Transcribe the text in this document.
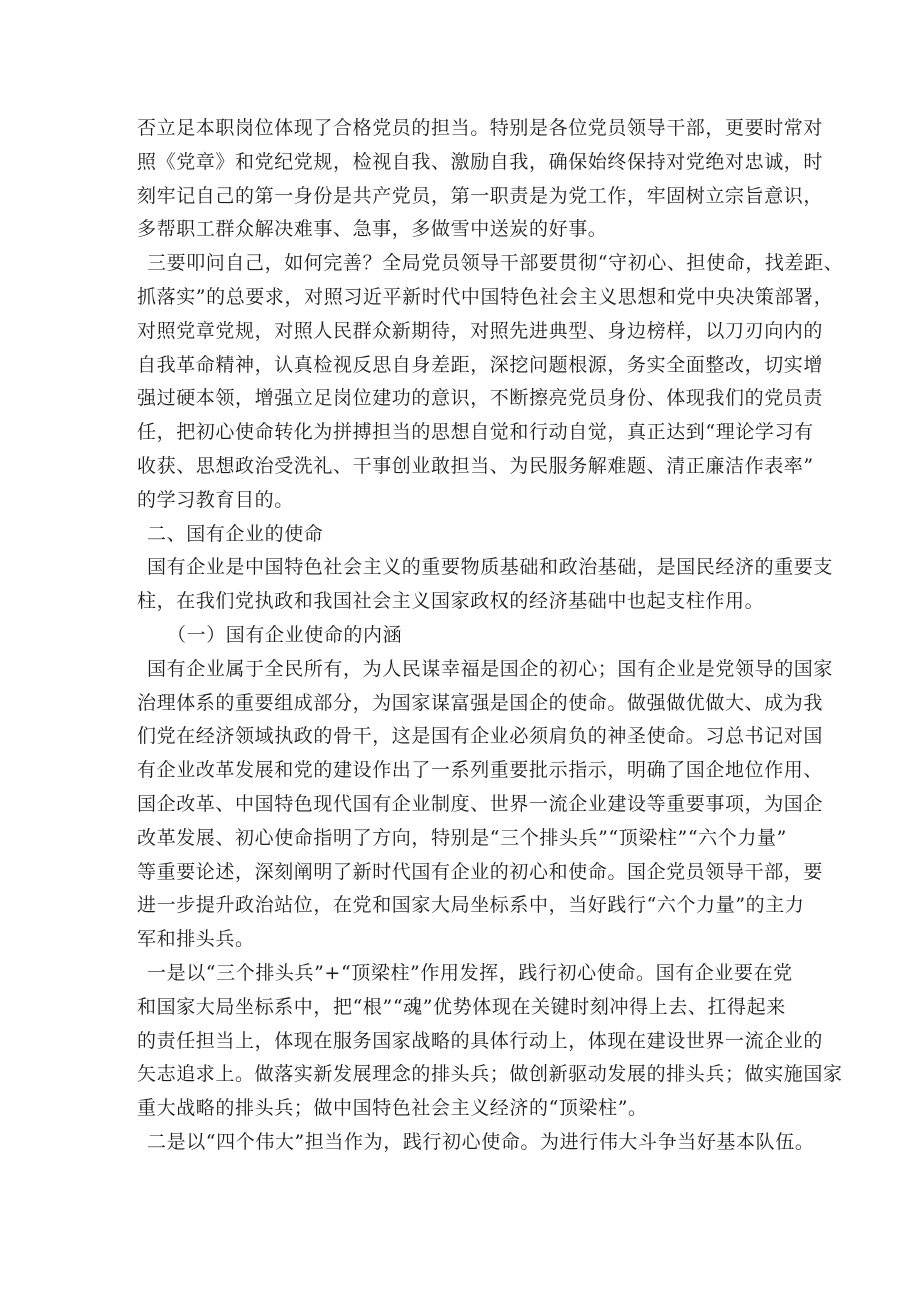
否立足本职岗位体现了合格党员的担当。特别是各位党员领导干部，更要时常对
照《党章》和党纪党规，检视自我、激励自我，确保始终保持对党绝对忠诚，时
刻牢记自己的第一身份是共产党员，第一职责是为党工作，牢固树立宗旨意识，
多帮职工群众解决难事、急事，多做雪中送炭的好事。
三要叩问自己，如何完善？全局党员领导干部要贯彻“守初心、担使命，找差距、
抓落实”的总要求，对照习近平新时代中国特色社会主义思想和党中央决策部署，
对照党章党规，对照人民群众新期待，对照先进典型、身边榜样，以刀刃向内的
自我革命精神，认真检视反思自身差距，深挖问题根源，务实全面整改，切实增
强过硬本领，增强立足岗位建功的意识，不断擦亮党员身份、体现我们的党员责
任，把初心使命转化为拼搏担当的思想自觉和行动自觉，真正达到“理论学习有
收获、思想政治受洗礼、干事创业敢担当、为民服务解难题、清正廉洁作表率”
的学习教育目的。
二、国有企业的使命
国有企业是中国特色社会主义的重要物质基础和政治基础，是国民经济的重要支
柱，在我们党执政和我国社会主义国家政权的经济基础中也起支柱作用。
（一）国有企业使命的内涵
国有企业属于全民所有，为人民谋幸福是国企的初心；国有企业是党领导的国家
治理体系的重要组成部分，为国家谋富强是国企的使命。做强做优做大、成为我
们党在经济领域执政的骨干，这是国有企业必须肩负的神圣使命。习总书记对国
有企业改革发展和党的建设作出了一系列重要批示指示，明确了国企地位作用、
国企改革、中国特色现代国有企业制度、世界一流企业建设等重要事项，为国企
改革发展、初心使命指明了方向，特别是“三个排头兵”“顶梁柱”“六个力量”
等重要论述，深刻阐明了新时代国有企业的初心和使命。国企党员领导干部，要
进一步提升政治站位，在党和国家大局坐标系中，当好践行“六个力量”的主力
军和排头兵。
一是以“三个排头兵”+“顶梁柱”作用发挥，践行初心使命。国有企业要在党
和国家大局坐标系中，把“根”“魂”优势体现在关键时刻冲得上去、扛得起来
的责任担当上，体现在服务国家战略的具体行动上，体现在建设世界一流企业的
矢志追求上。做落实新发展理念的排头兵；做创新驱动发展的排头兵；做实施国家
重大战略的排头兵；做中国特色社会主义经济的“顶梁柱”。
二是以“四个伟大”担当作为，践行初心使命。为进行伟大斗争当好基本队伍。
